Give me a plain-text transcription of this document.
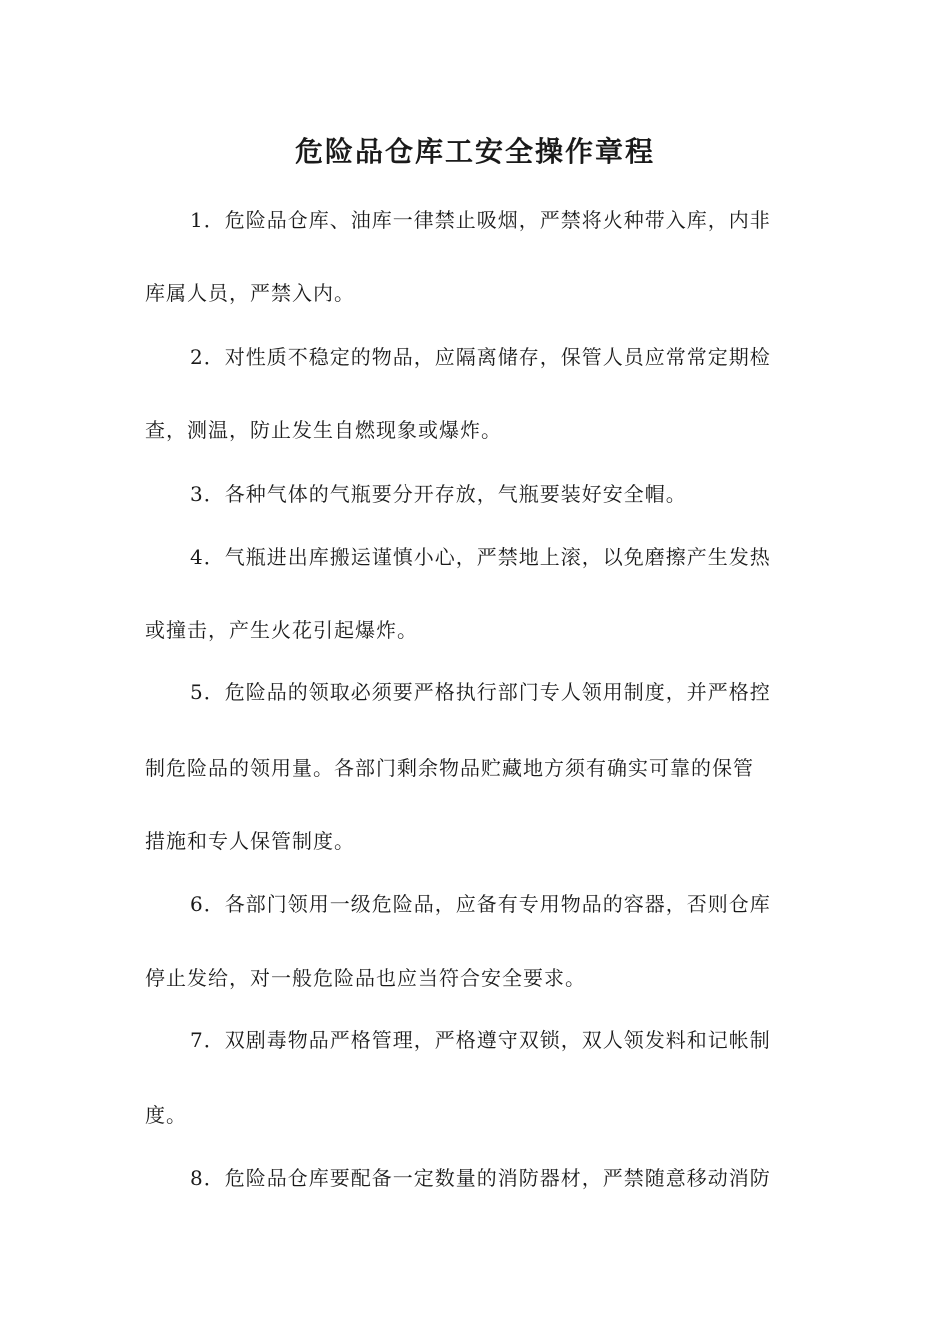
危险品仓库工安全操作章程
1．危险品仓库、油库一律禁止吸烟，严禁将火种带入库，内非
库属人员，严禁入内。
2．对性质不稳定的物品，应隔离储存，保管人员应常常定期检
查，测温，防止发生自燃现象或爆炸。
3．各种气体的气瓶要分开存放，气瓶要装好安全帽。
4．气瓶进出库搬运谨慎小心，严禁地上滚，以免磨擦产生发热
或撞击，产生火花引起爆炸。
5．危险品的领取必须要严格执行部门专人领用制度，并严格控
制危险品的领用量。各部门剩余物品贮藏地方须有确实可靠的保管
措施和专人保管制度。
6．各部门领用一级危险品，应备有专用物品的容器，否则仓库
停止发给，对一般危险品也应当符合安全要求。
7．双剧毒物品严格管理，严格遵守双锁，双人领发料和记帐制
度。
8．危险品仓库要配备一定数量的消防器材，严禁随意移动消防
